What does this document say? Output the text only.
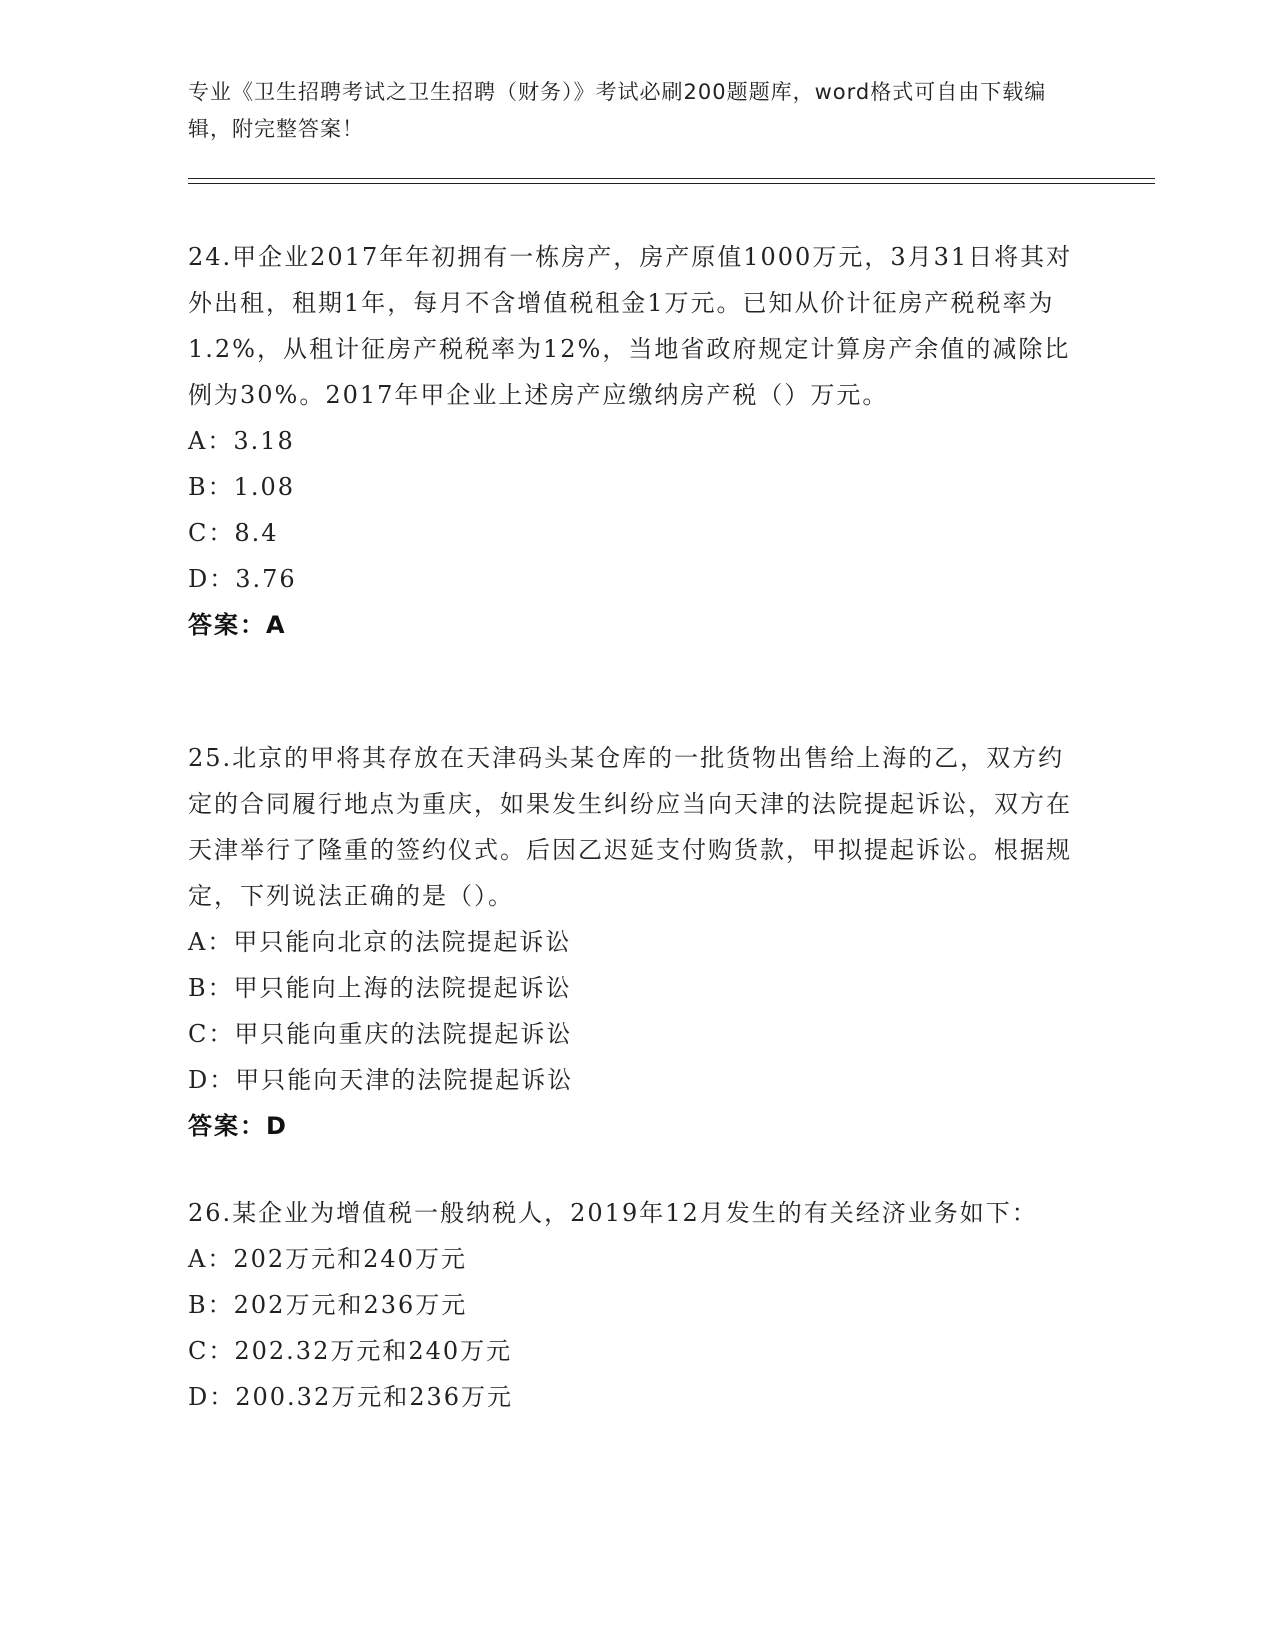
专业《卫生招聘考试之卫生招聘（财务）》考试必刷200题题库，word格式可自由下载编辑，附完整答案！
24.甲企业2017年年初拥有一栋房产，房产原值1000万元，3月31日将其对外出租，租期1年，每月不含增值税租金1万元。已知从价计征房产税税率为1.2%，从租计征房产税税率为12%，当地省政府规定计算房产余值的减除比例为30%。2017年甲企业上述房产应缴纳房产税（）万元。
A：3.18
B：1.08
C：8.4
D：3.76
答案：A
25.北京的甲将其存放在天津码头某仓库的一批货物出售给上海的乙，双方约定的合同履行地点为重庆，如果发生纠纷应当向天津的法院提起诉讼，双方在天津举行了隆重的签约仪式。后因乙迟延支付购货款，甲拟提起诉讼。根据规定，下列说法正确的是（）。
A：甲只能向北京的法院提起诉讼
B：甲只能向上海的法院提起诉讼
C：甲只能向重庆的法院提起诉讼
D：甲只能向天津的法院提起诉讼
答案：D
26.某企业为增值税一般纳税人，2019年12月发生的有关经济业务如下：
A：202万元和240万元
B：202万元和236万元
C：202.32万元和240万元
D：200.32万元和236万元
